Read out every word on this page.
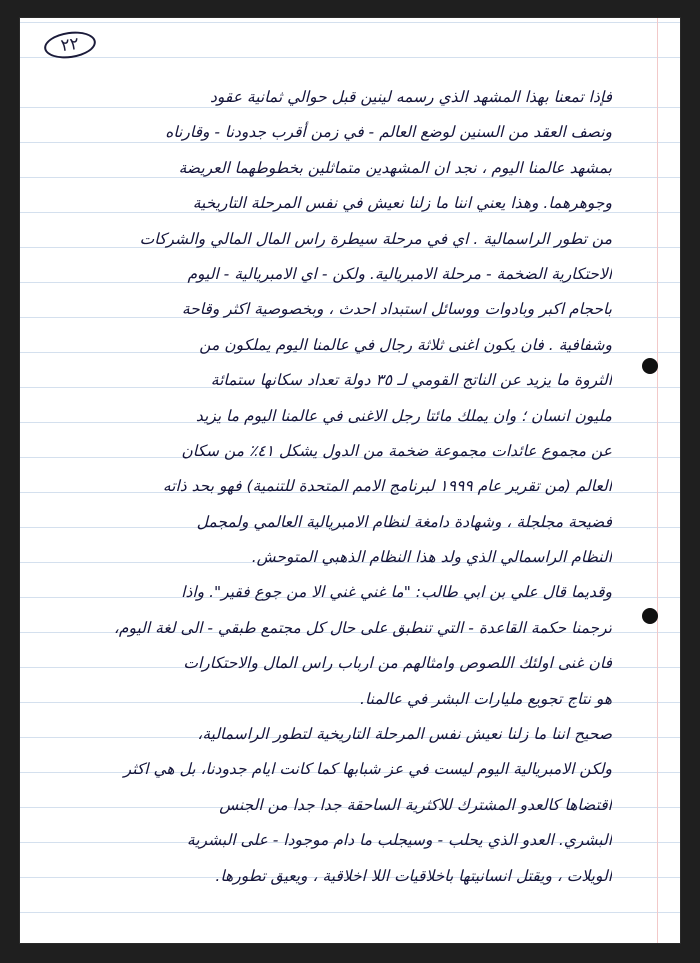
٢٢
فإذا تمعنا بهذا المشهد الذي رسمه لينين قبل حوالي ثمانية عقود
ونصف العقد من السنين لوضع العالم - في زمن أقرب جدودنا - وقارناه
بمشهد عالمنا اليوم ، نجد ان المشهدين متماثلين بخطوطهما العريضة
وجوهرهما. وهذا يعني اننا ما زلنا نعيش في نفس المرحلة التاريخية
من تطور الراسمالية . اي في مرحلة سيطرة راس المال المالي والشركات
الاحتكارية الضخمة - مرحلة الامبريالية. ولكن - اي الامبريالية - اليوم
باحجام اكبر وبادوات ووسائل استبداد احدث ، وبخصوصية اكثر وقاحة
وشفافية . فان يكون اغنى ثلاثة رجال في عالمنا اليوم يملكون من
الثروة ما يزيد عن الناتج القومي لـ ٣٥ دولة تعداد سكانها ستمائة
مليون انسان ؛ وان يملك مائتا رجل الاغنى في عالمنا اليوم ما يزيد
عن مجموع عائدات مجموعة ضخمة من الدول يشكل ٤١٪ من سكان
العالم (من تقرير عام ١٩٩٩ لبرنامج الامم المتحدة للتنمية) فهو بحد ذاته
فضيحة مجلجلة ، وشهادة دامغة لنظام الامبريالية العالمي ولمجمل
النظام الراسمالي الذي ولد هذا النظام الذهبي المتوحش.
وقديما قال علي بن ابي طالب: "ما غني غني الا من جوع فقير". واذا
ترجمنا حكمة القاعدة - التي تنطبق على حال كل مجتمع طبقي - الى لغة اليوم،
فان غنى اولئك اللصوص وامثالهم من ارباب راس المال والاحتكارات
هو نتاج تجويع مليارات البشر في عالمنا.
صحيح اننا ما زلنا نعيش نفس المرحلة التاريخية لتطور الراسمالية،
ولكن الامبريالية اليوم ليست في عز شبابها كما كانت ايام جدودنا، بل هي اكثر
اقتضاها كالعدو المشترك للاكثرية الساحقة جدا جدا من الجنس
البشري. العدو الذي يحلب - وسيجلب ما دام موجودا - على البشرية
الويلات ، ويقتل انسانيتها باخلاقيات اللا اخلاقية ، ويعيق تطورها.
